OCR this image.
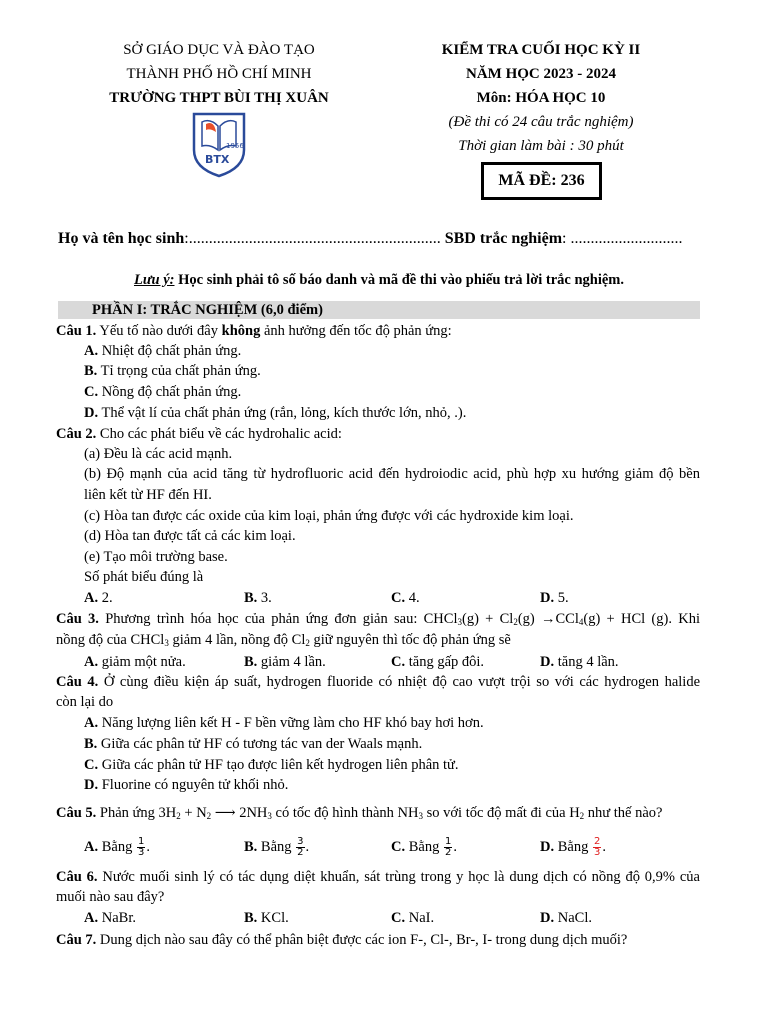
SỞ GIÁO DỤC VÀ ĐÀO TẠO
THÀNH PHỐ HỒ CHÍ MINH
TRƯỜNG THPT BÙI THỊ XUÂN
1956
BTX
KIỂM TRA CUỐI HỌC KỲ II
NĂM HỌC 2023 - 2024
Môn: HÓA HỌC 10
(Đề thi có 24 câu trắc nghiệm)
Thời gian làm bài : 30 phút
MÃ ĐỀ: 236
Họ và tên học sinh:............................................................... SBD trắc nghiệm: ............................
Lưu ý: Học sinh phải tô số báo danh và mã đề thi vào phiếu trả lời trắc nghiệm.
PHẦN I: TRẮC NGHIỆM (6,0 điểm)
Câu 1. Yếu tố nào dưới đây không ảnh hưởng đến tốc độ phản ứng:
A. Nhiệt độ chất phản ứng.
B. Tỉ trọng của chất phản ứng.
C. Nồng độ chất phản ứng.
D. Thể vật lí của chất phản ứng (rắn, lỏng, kích thước lớn, nhỏ, .).
Câu 2. Cho các phát biểu về các hydrohalic acid:
(a) Đều là các acid mạnh.
(b) Độ mạnh của acid tăng từ hydrofluoric acid đến hydroiodic acid, phù hợp xu hướng giảm độ bền
liên kết từ HF đến HI.
(c) Hòa tan được các oxide của kim loại, phản ứng được với các hydroxide kim loại.
(d) Hòa tan được tất cả các kim loại.
(e) Tạo môi trường base.
Số phát biểu đúng là
A. 2.	B. 3.	C. 4.	D. 5.
Câu 3. Phương trình hóa học của phản ứng đơn giản sau: CHCl$_3$(g) + $Cl_2(g) \to CCl_4(g)$ + HCl (g). Khi
nồng độ của CHCl$_3$ giảm 4 lần, nồng độ $Cl_2$ giữ nguyên thì tốc độ phản ứng sẽ
A. giảm một nửa.	B. giảm 4 lần.	C. tăng gấp đôi.	D. tăng 4 lần.
Câu 4. Ở cùng điều kiện áp suất, hydrogen fluoride có nhiệt độ cao vượt trội so với các hydrogen halide
còn lại do
A. Năng lượng liên kết H - F bền vững làm cho HF khó bay hơi hơn.
B. Giữa các phân tử HF có tương tác van der Waals mạnh.
C. Giữa các phân tử HF tạo được liên kết hydrogen liên phân tử.
D. Fluorine có nguyên tử khối nhỏ.
Câu 5. Phản ứng $3H_2 + N_2$ ⟶ $2NH_3$ có tốc độ hình thành $NH_3$ so với tốc độ mất đi của $H_2$ như thế nào?
A. Bằng $\frac{1}{3}$ .	B. Bằng $\frac{3}{2}$ .	C. Bằng $\frac{1}{2}$ .	D. Bằng $\frac{2}{3}$ .
Câu 6. Nước muối sinh lý có tác dụng diệt khuẩn, sát trùng trong y học là dung dịch có nồng độ 0,9% của
muối nào sau đây?
A. NaBr.	B. KCl.	C. NaI.	D. NaCl.
Câu 7. Dung dịch nào sau đây có thể phân biệt được các ion F-, Cl-, Br-, I- trong dung dịch muối?
